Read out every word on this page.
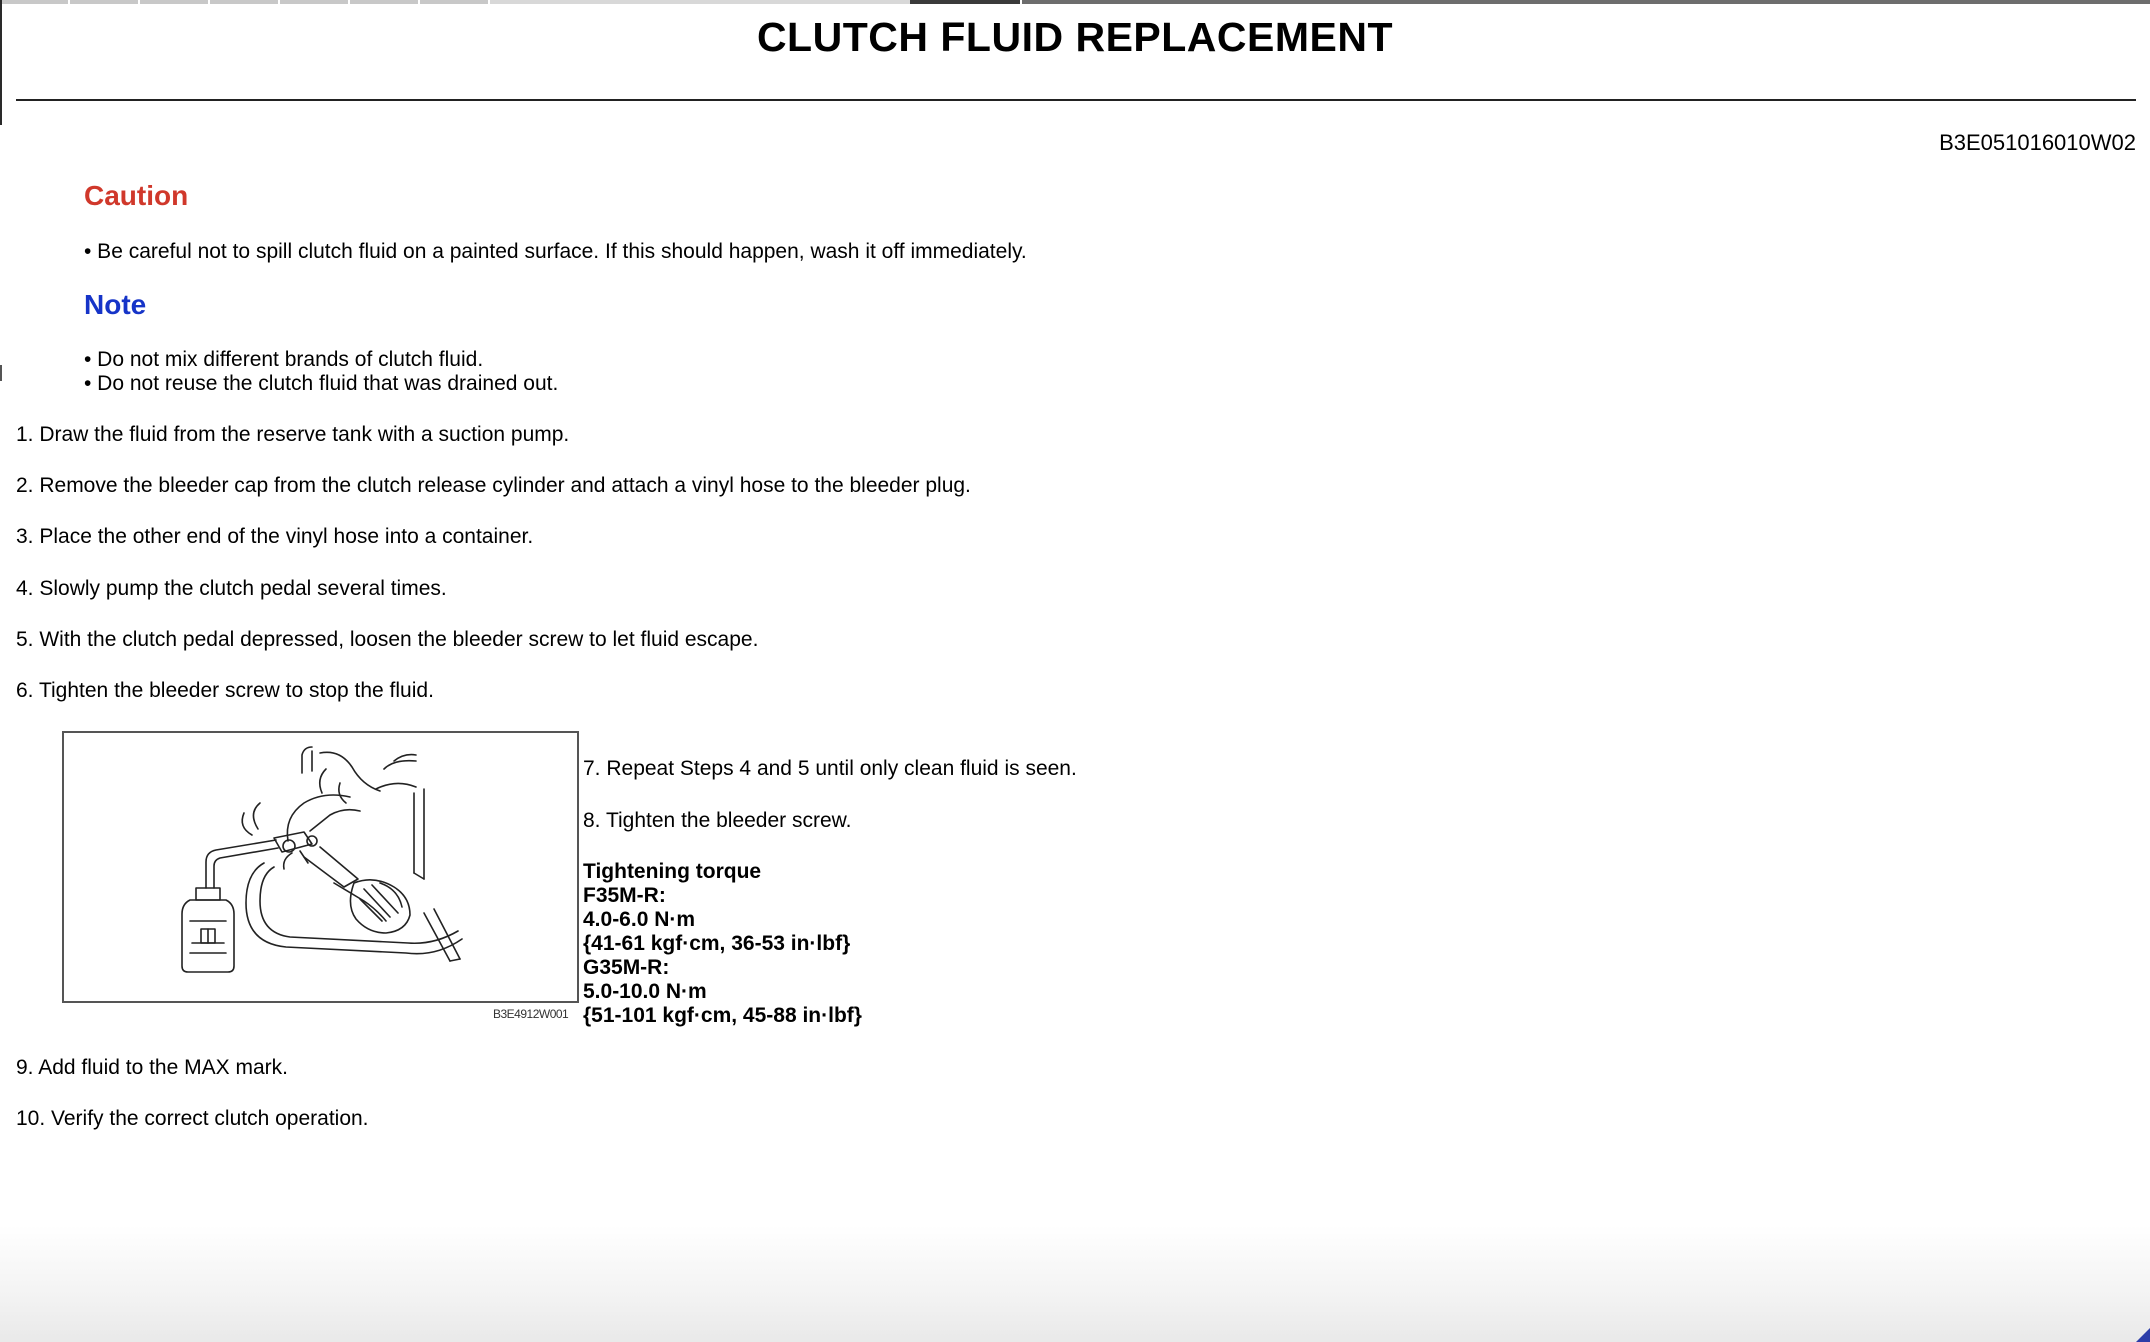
CLUTCH FLUID REPLACEMENT
B3E051016010W02
Caution
• Be careful not to spill clutch fluid on a painted surface. If this should happen, wash it off immediately.
Note
• Do not mix different brands of clutch fluid.
• Do not reuse the clutch fluid that was drained out.
1. Draw the fluid from the reserve tank with a suction pump.
2. Remove the bleeder cap from the clutch release cylinder and attach a vinyl hose to the bleeder plug.
3. Place the other end of the vinyl hose into a container.
4. Slowly pump the clutch pedal several times.
5. With the clutch pedal depressed, loosen the bleeder screw to let fluid escape.
6. Tighten the bleeder screw to stop the fluid.
B3E4912W001
7. Repeat Steps 4 and 5 until only clean fluid is seen.
8. Tighten the bleeder screw.
Tightening torque
F35M-R:
4.0-6.0 N·m
{41-61 kgf·cm, 36-53 in·lbf}
G35M-R:
5.0-10.0 N·m
{51-101 kgf·cm, 45-88 in·lbf}
9. Add fluid to the MAX mark.
10. Verify the correct clutch operation.
